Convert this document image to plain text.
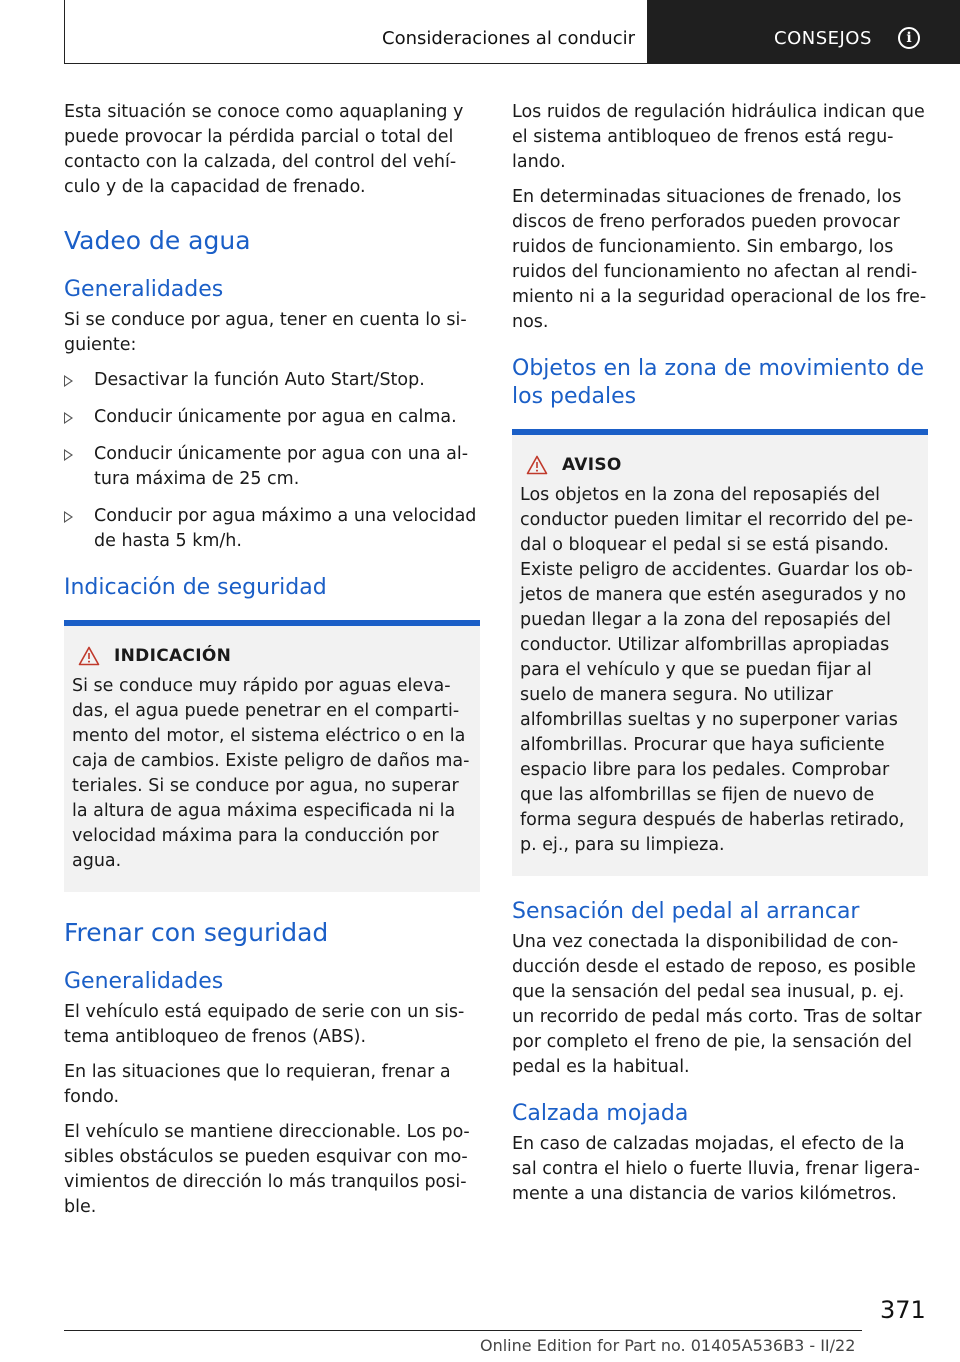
Consideraciones al conducir	CONSEJOS	i

Esta situación se conoce como aquaplaning y puede provocar la pérdida parcial o total del contacto con la calzada, del control del vehículo y de la capacidad de frenado.

Vadeo de agua
Generalidades

Si se conduce por agua, tener en cuenta lo siguiente:

Desactivar la función Auto Start/Stop.
Conducir únicamente por agua en calma.
Conducir únicamente por agua con una altura máxima de 25 cm.
Conducir por agua máximo a una velocidad de hasta 5 km/h.
Indicación de seguridad
INDICACIÓN

Si se conduce muy rápido por aguas elevadas, el agua puede penetrar en el compartimento del motor, el sistema eléctrico o en la caja de cambios. Existe peligro de daños materiales. Si se conduce por agua, no superar la altura de agua máxima especificada ni la velocidad máxima para la conducción por agua.

Frenar con seguridad
Generalidades

El vehículo está equipado de serie con un sistema antibloqueo de frenos (ABS).

En las situaciones que lo requieran, frenar a fondo.

El vehículo se mantiene direccionable. Los posibles obstáculos se pueden esquivar con movimientos de dirección lo más tranquilos posible.

Los ruidos de regulación hidráulica indican que el sistema antibloqueo de frenos está regulando.

En determinadas situaciones de frenado, los discos de freno perforados pueden provocar ruidos de funcionamiento. Sin embargo, los ruidos del funcionamiento no afectan al rendimiento ni a la seguridad operacional de los frenos.

Objetos en la zona de movimiento de los pedales
AVISO

Los objetos en la zona del reposapiés del conductor pueden limitar el recorrido del pedal o bloquear el pedal si se está pisando. Existe peligro de accidentes. Guardar los objetos de manera que estén asegurados y no puedan llegar a la zona del reposapiés del conductor. Utilizar alfombrillas apropiadas para el vehículo y que se puedan fijar al suelo de manera segura. No utilizar alfombrillas sueltas y no superponer varias alfombrillas. Procurar que haya suficiente espacio libre para los pedales. Comprobar que las alfombrillas se fijen de nuevo de forma segura después de haberlas retirado, p. ej., para su limpieza.

Sensación del pedal al arrancar

Una vez conectada la disponibilidad de conducción desde el estado de reposo, es posible que la sensación del pedal sea inusual, p. ej. un recorrido de pedal más corto. Tras de soltar por completo el freno de pie, la sensación del pedal es la habitual.

Calzada mojada

En caso de calzadas mojadas, el efecto de la sal contra el hielo o fuerte lluvia, frenar ligeramente a una distancia de varios kilómetros.

371
Online Edition for Part no. 01405A536B3 - II/22
